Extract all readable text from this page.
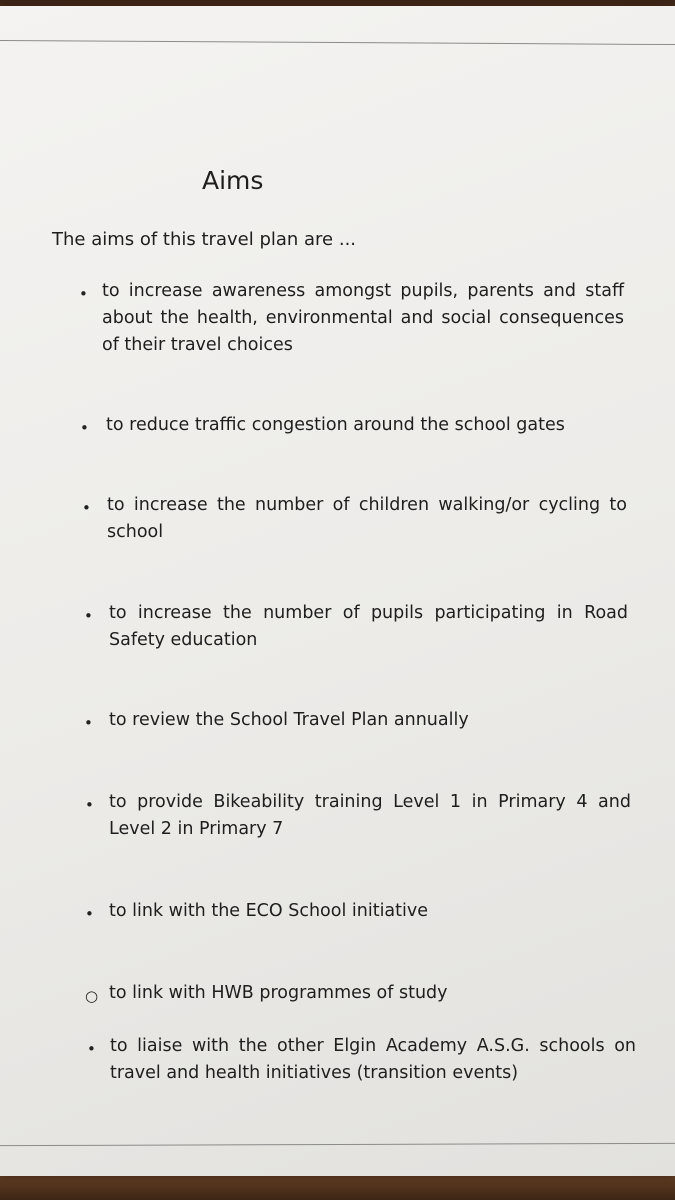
Aims
The aims of this travel plan are ...
• to increase awareness amongst pupils, parents and staff about the health, environmental and social consequences of their travel choices
• to reduce traffic congestion around the school gates
• to increase the number of children walking/or cycling to school
• to increase the number of pupils participating in Road Safety education
• to review the School Travel Plan annually
• to provide Bikeability training Level 1 in Primary 4 and Level 2 in Primary 7
• to link with the ECO School initiative
○ to link with HWB programmes of study
• to liaise with the other Elgin Academy A.S.G. schools on travel and health initiatives (transition events)
